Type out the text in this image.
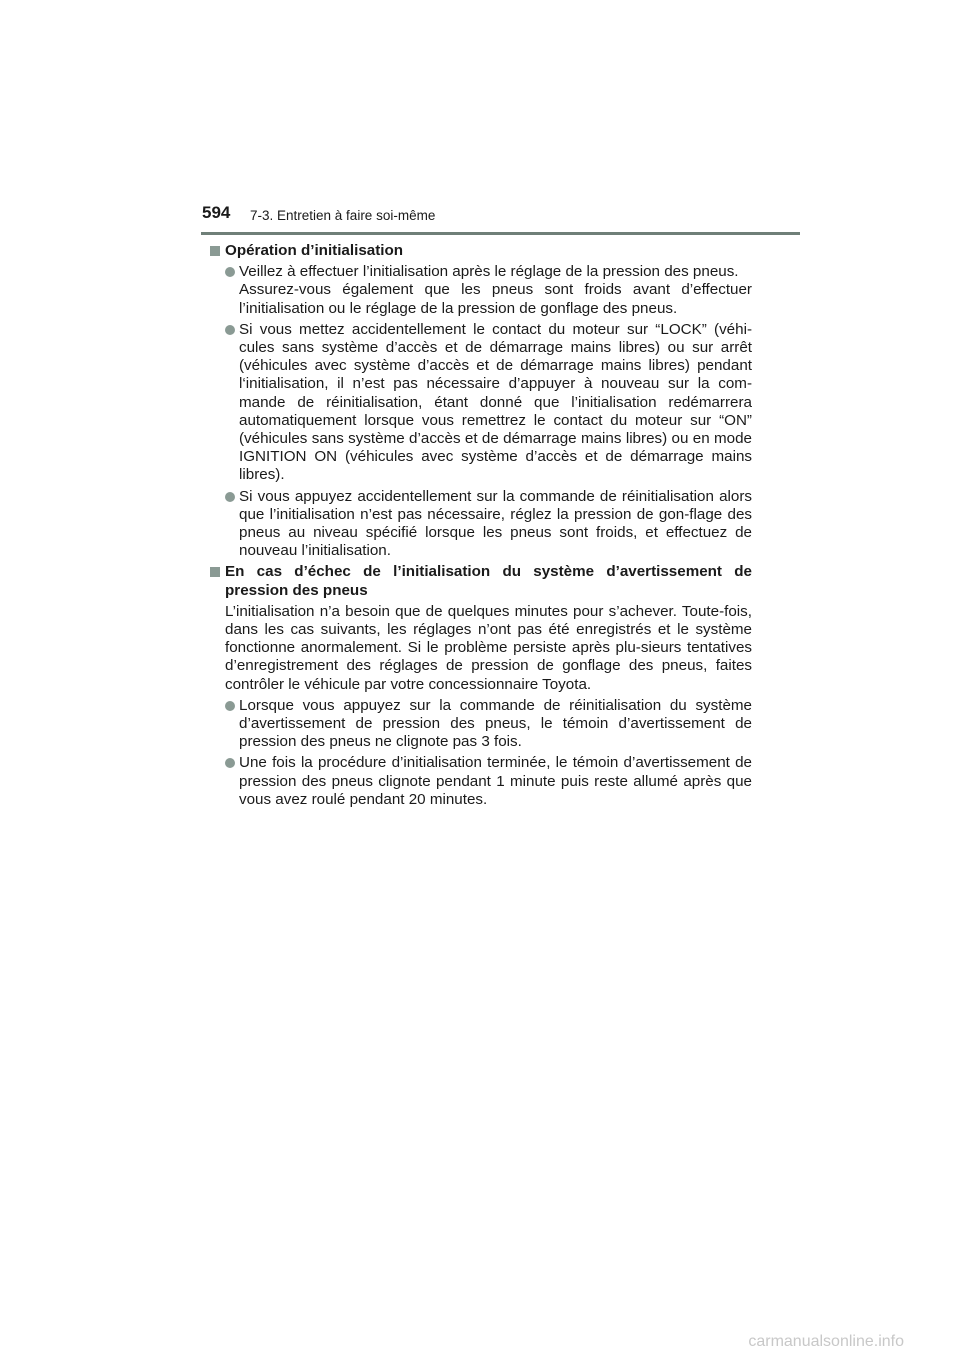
594 7-3. Entretien à faire soi-même
Opération d’initialisation

Veillez à effectuer l’initialisation après le réglage de la pression des pneus.

Assurez-vous également que les pneus sont froids avant d’effectuer l’initialisation ou le réglage de la pression de gonflage des pneus.

Si vous mettez accidentellement le contact du moteur sur “LOCK” (véhi-cules sans système d’accès et de démarrage mains libres) ou sur arrêt (véhicules avec système d’accès et de démarrage mains libres) pendant l‘initialisation, il n’est pas nécessaire d’appuyer à nouveau sur la com-mande de réinitialisation, étant donné que l’initialisation redémarrera automatiquement lorsque vous remettrez le contact du moteur sur “ON” (véhicules sans système d’accès et de démarrage mains libres) ou en mode IGNITION ON (véhicules avec système d’accès et de démarrage mains libres).

Si vous appuyez accidentellement sur la commande de réinitialisation alors que l’initialisation n’est pas nécessaire, réglez la pression de gon-flage des pneus au niveau spécifié lorsque les pneus sont froids, et effectuez de nouveau l’initialisation.

En cas d’échec de l’initialisation du système d’avertissement de pression des pneus
L’initialisation n’a besoin que de quelques minutes pour s’achever. Toute-fois, dans les cas suivants, les réglages n’ont pas été enregistrés et le système fonctionne anormalement. Si le problème persiste après plu-sieurs tentatives d’enregistrement des réglages de pression de gonflage des pneus, faites contrôler le véhicule par votre concessionnaire Toyota.

Lorsque vous appuyez sur la commande de réinitialisation du système d’avertissement de pression des pneus, le témoin d’avertissement de pression des pneus ne clignote pas 3 fois.

Une fois la procédure d’initialisation terminée, le témoin d’avertissement de pression des pneus clignote pendant 1 minute puis reste allumé après que vous avez roulé pendant 20 minutes.

carmanualsonline.info
